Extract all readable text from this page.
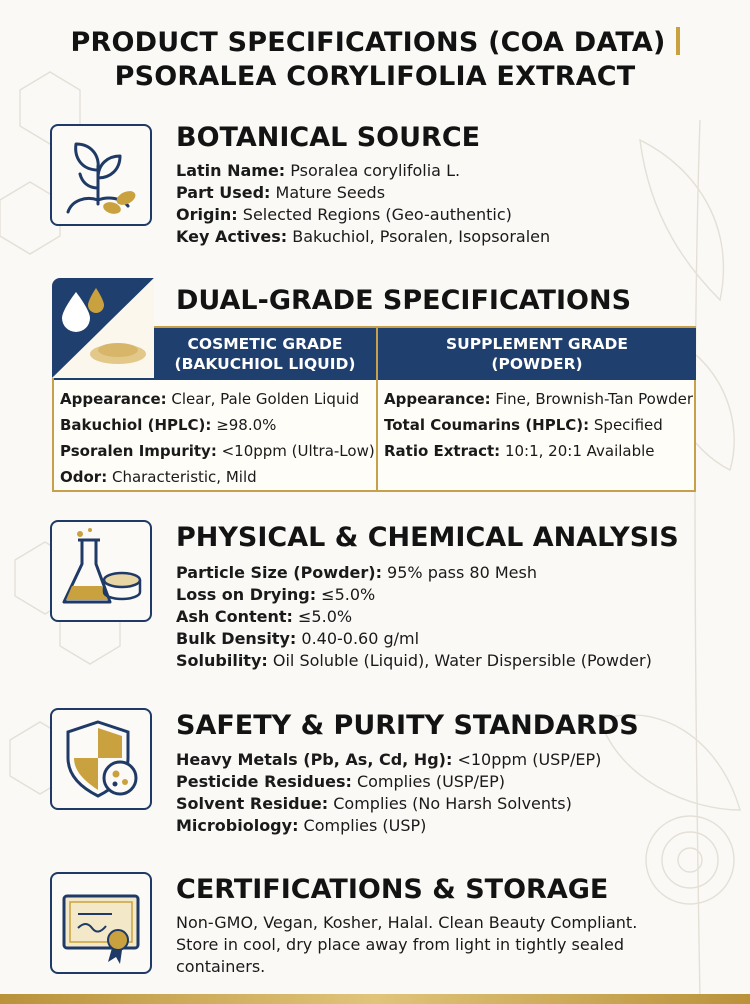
PRODUCT SPECIFICATIONS (COA DATA)
PSORALEA CORYLIFOLIA EXTRACT
BOTANICAL SOURCE
Latin Name: Psoralea corylifolia L.
Part Used: Mature Seeds
Origin: Selected Regions (Geo-authentic)
Key Actives: Bakuchiol, Psoralen, Isopsoralen
DUAL-GRADE SPECIFICATIONS
COSMETIC GRADE
(BAKUCHIOL LIQUID)
Appearance: Clear, Pale Golden Liquid
Bakuchiol (HPLC): ≥98.0%
Psoralen Impurity: <10ppm (Ultra-Low)
Odor: Characteristic, Mild
SUPPLEMENT GRADE
(POWDER)
Appearance: Fine, Brownish-Tan Powder
Total Coumarins (HPLC): Specified
Ratio Extract: 10:1, 20:1 Available
PHYSICAL & CHEMICAL ANALYSIS
Particle Size (Powder): 95% pass 80 Mesh
Loss on Drying: ≤5.0%
Ash Content: ≤5.0%
Bulk Density: 0.40-0.60 g/ml
Solubility: Oil Soluble (Liquid), Water Dispersible (Powder)
SAFETY & PURITY STANDARDS
Heavy Metals (Pb, As, Cd, Hg): <10ppm (USP/EP)
Pesticide Residues: Complies (USP/EP)
Solvent Residue: Complies (No Harsh Solvents)
Microbiology: Complies (USP)
CERTIFICATIONS & STORAGE
Non-GMO, Vegan, Kosher, Halal. Clean Beauty Compliant.
Store in cool, dry place away from light in tightly sealed
containers.
